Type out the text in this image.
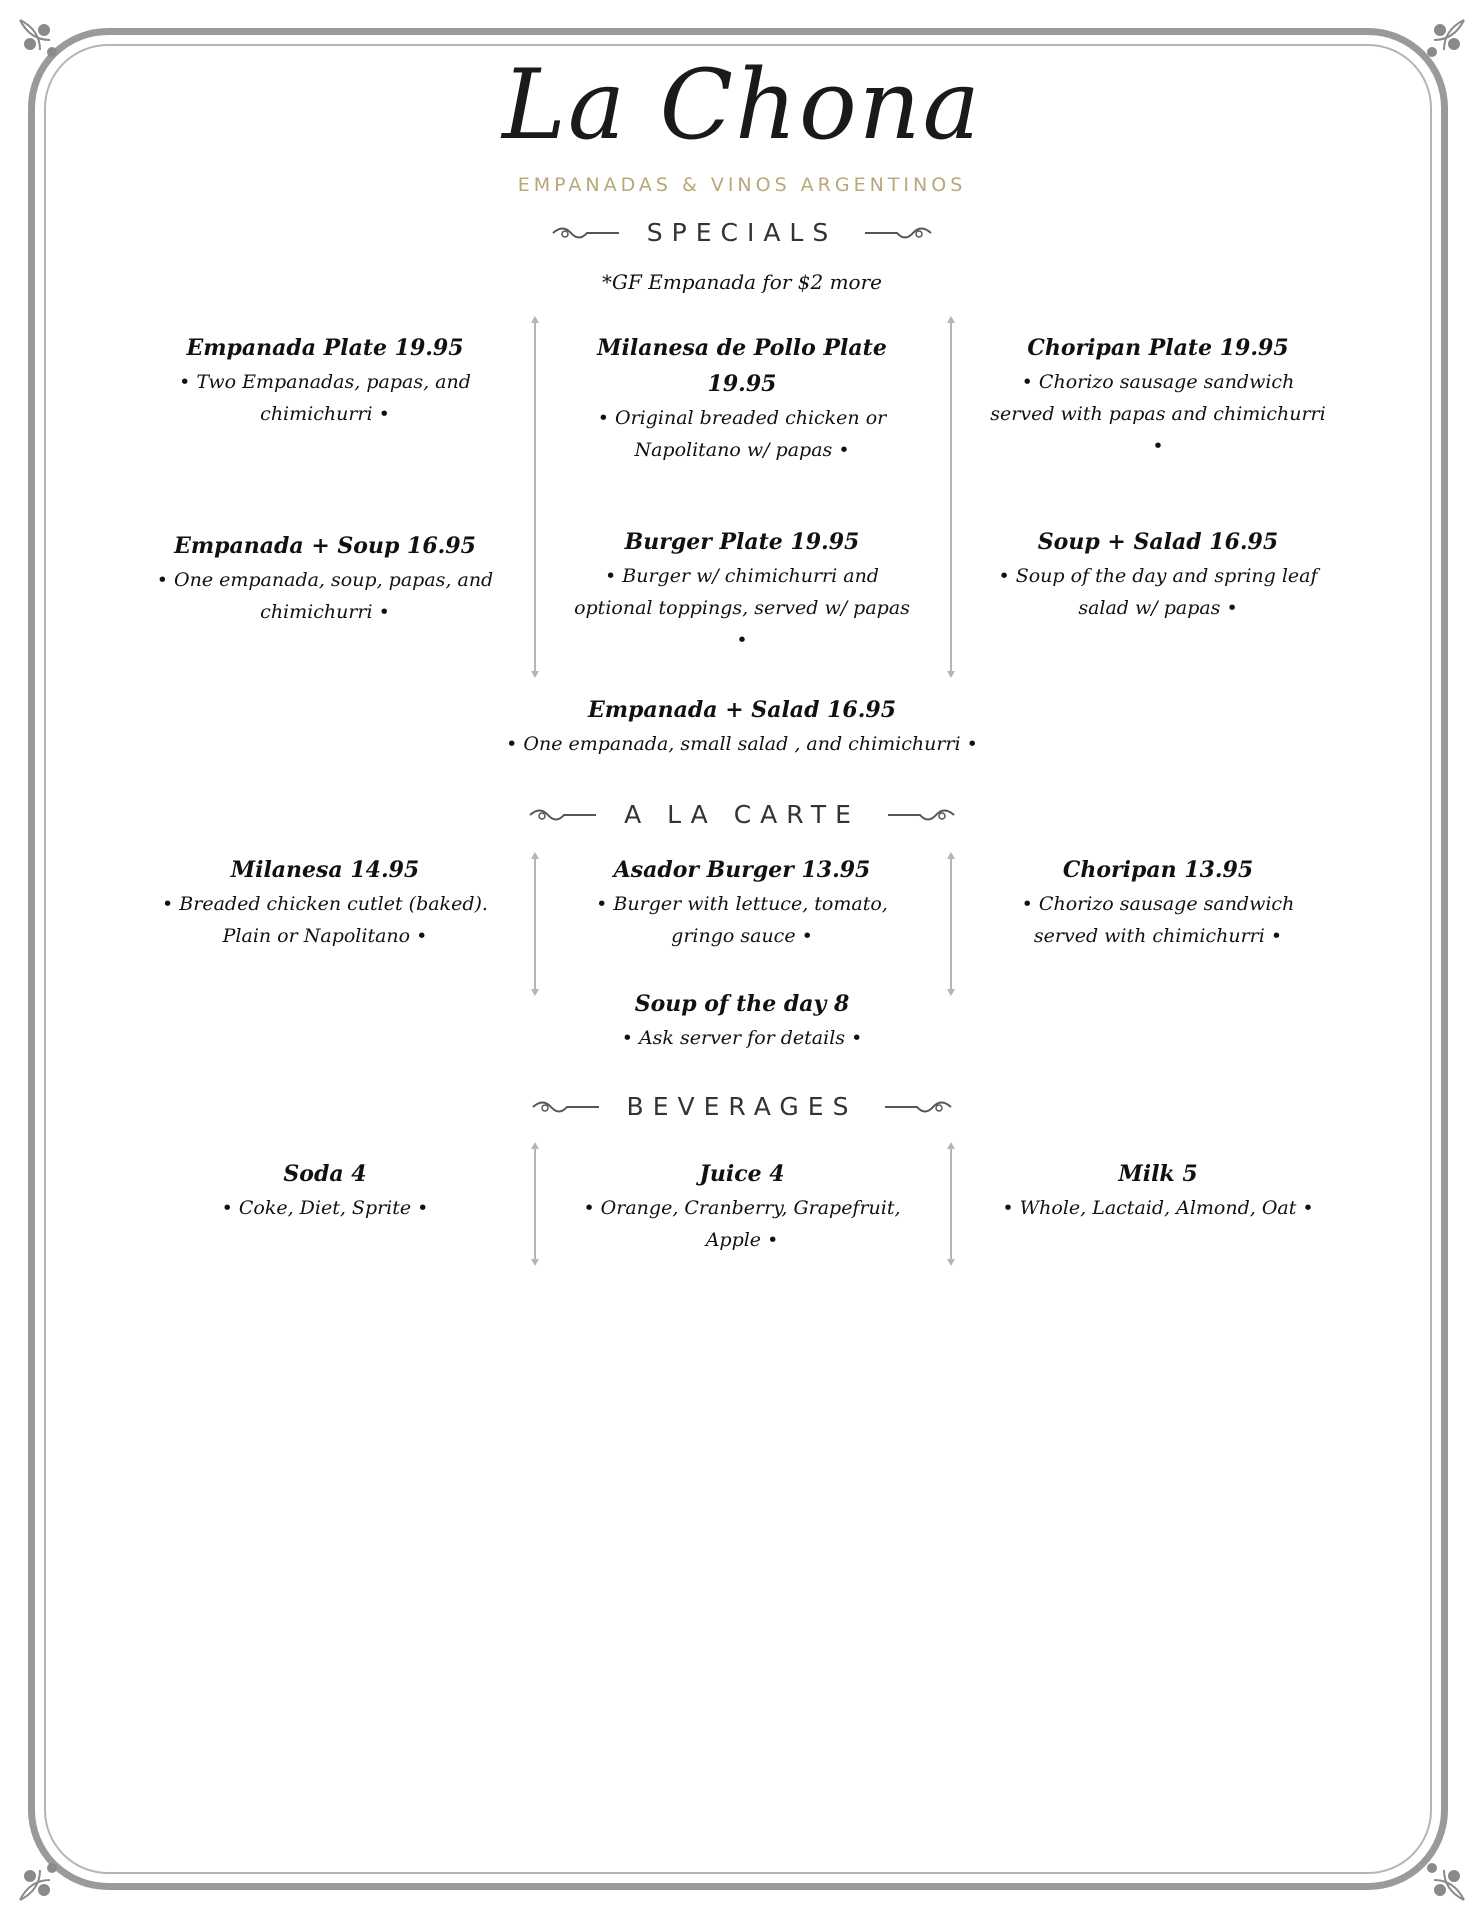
La Chona
EMPANADAS & VINOS ARGENTINOS
SPECIALS
*GF Empanada for $2 more
Empanada Plate 19.95
• Two Empanadas, papas, and chimichurri •
Empanada + Soup 16.95
• One empanada, soup, papas, and chimichurri •
Milanesa de Pollo Plate 19.95
• Original breaded chicken or Napolitano w/ papas •
Burger Plate 19.95
• Burger w/ chimichurri and optional toppings, served w/ papas •
Choripan Plate 19.95
• Chorizo sausage sandwich served with papas and chimichurri •
Soup + Salad 16.95
• Soup of the day and spring leaf salad w/ papas •
Empanada + Salad 16.95
• One empanada, small salad , and chimichurri •
A LA CARTE
Milanesa 14.95
• Breaded chicken cutlet (baked). Plain or Napolitano •
Asador Burger 13.95
• Burger with lettuce, tomato, gringo sauce •
Soup of the day 8
• Ask server for details •
Choripan 13.95
• Chorizo sausage sandwich served with chimichurri •
BEVERAGES
Soda 4
• Coke, Diet, Sprite •
Juice 4
• Orange, Cranberry, Grapefruit, Apple •
Milk 5
• Whole, Lactaid, Almond, Oat •
